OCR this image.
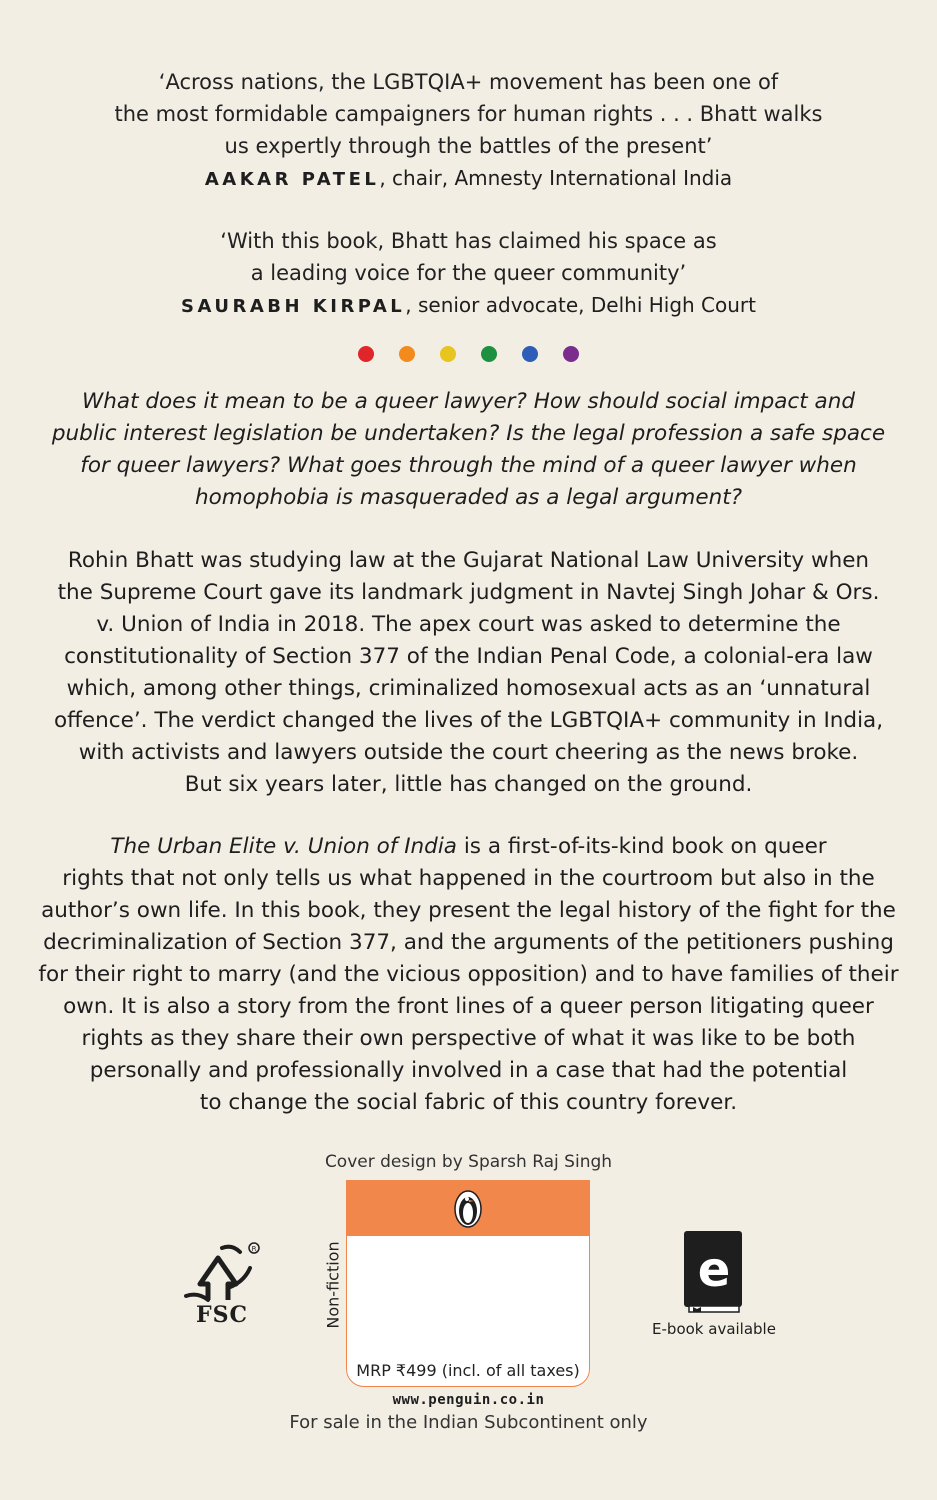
‘Across nations, the LGBTQIA+ movement has been one of
the most formidable campaigners for human rights . . . Bhatt walks
us expertly through the battles of the present’
AAKAR PATEL, chair, Amnesty International India
‘With this book, Bhatt has claimed his space as
a leading voice for the queer community’
SAURABH KIRPAL, senior advocate, Delhi High Court
What does it mean to be a queer lawyer? How should social impact and
public interest legislation be undertaken? Is the legal profession a safe space
for queer lawyers? What goes through the mind of a queer lawyer when
homophobia is masqueraded as a legal argument?
Rohin Bhatt was studying law at the Gujarat National Law University when
the Supreme Court gave its landmark judgment in Navtej Singh Johar & Ors.
v. Union of India in 2018. The apex court was asked to determine the
constitutionality of Section 377 of the Indian Penal Code, a colonial-era law
which, among other things, criminalized homosexual acts as an ‘unnatural
offence’. The verdict changed the lives of the LGBTQIA+ community in India,
with activists and lawyers outside the court cheering as the news broke.
But six years later, little has changed on the ground.
The Urban Elite v. Union of India is a first-of-its-kind book on queer
rights that not only tells us what happened in the courtroom but also in the
author’s own life. In this book, they present the legal history of the fight for the
decriminalization of Section 377, and the arguments of the petitioners pushing
for their right to marry (and the vicious opposition) and to have families of their
own. It is also a story from the front lines of a queer person litigating queer
rights as they share their own perspective of what it was like to be both
personally and professionally involved in a case that had the potential
to change the social fabric of this country forever.
Cover design by Sparsh Raj Singh
R
FSC	Non-fiction
MRP ₹499 (incl. of all taxes)
e
E-book available
www.penguin.co.in
For sale in the Indian Subcontinent only
